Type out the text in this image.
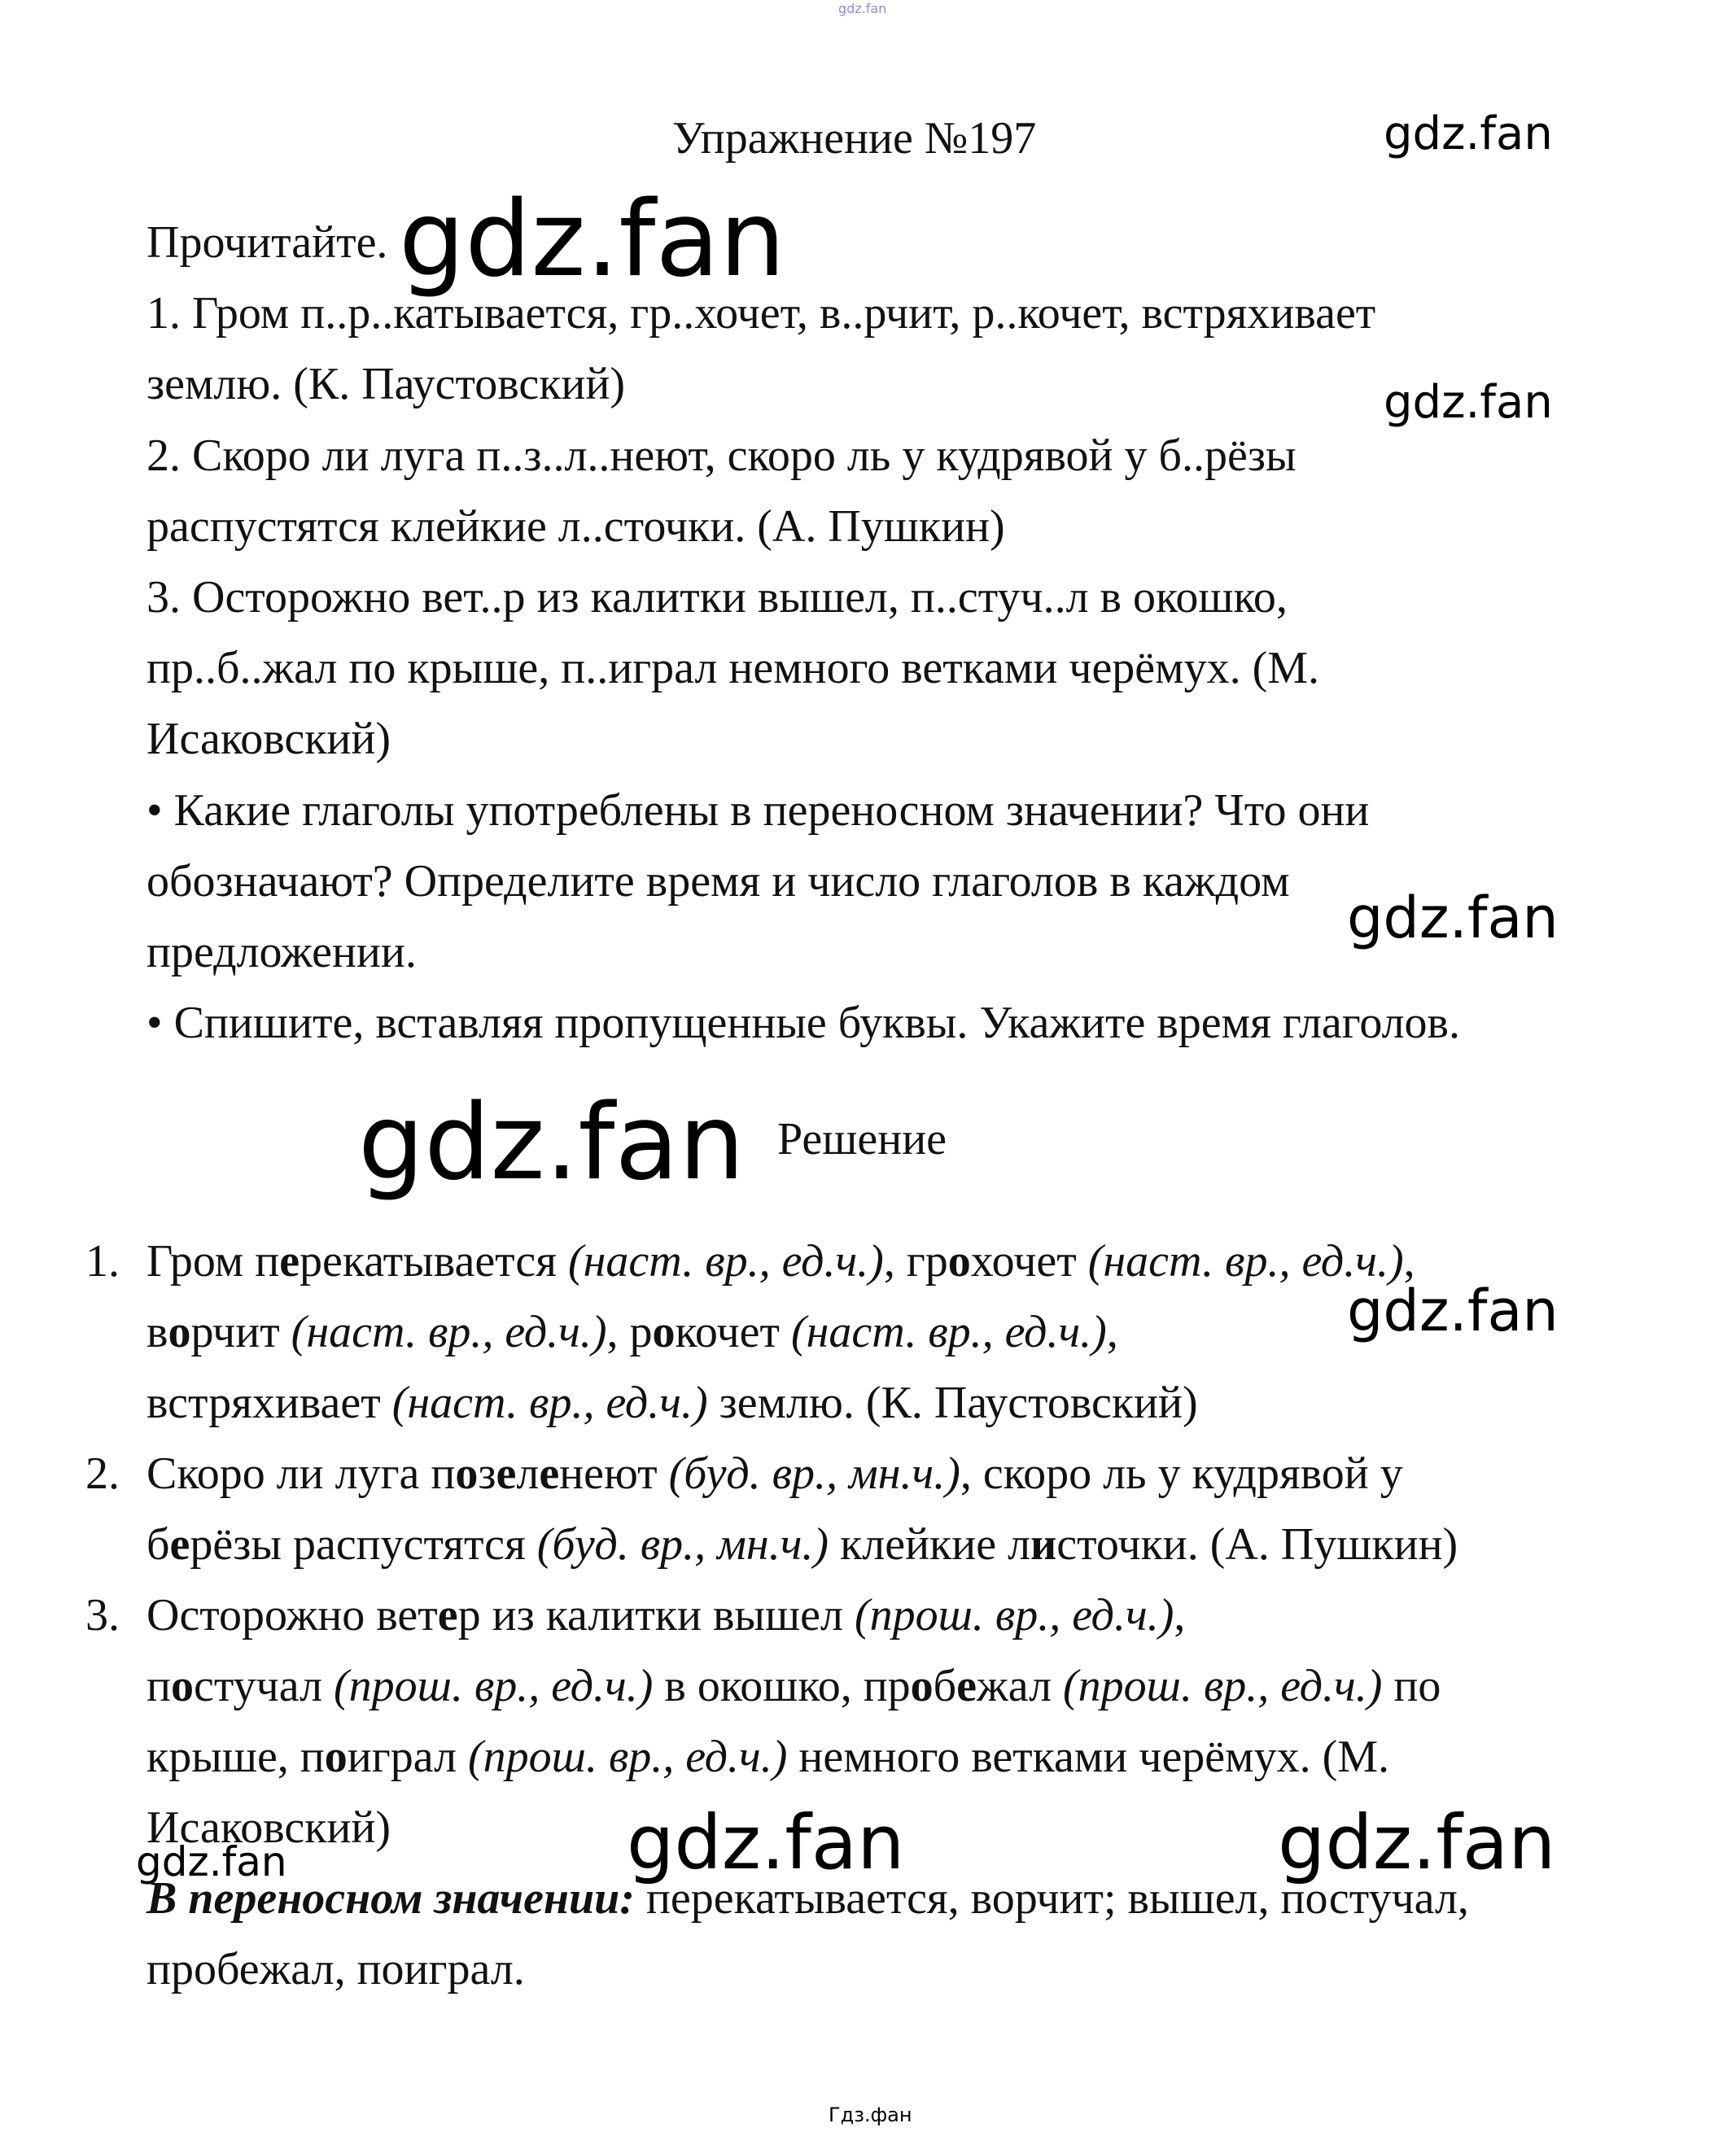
gdz.fan
gdz.fan
gdz.fan
gdz.fan
gdz.fan
gdz.fan
gdz.fan
gdz.fan	gdz.fan
gdz.fan
Гдз.фан
Упражнение №197
Прочитайте.
1. Гром п..р..катывается, гр..хочет, в..рчит, р..кочет, встряхивает
землю. (К. Паустовский)
2. Скоро ли луга п..з..л..неют, скоро ль у кудрявой у б..рёзы
распустятся клейкие л..сточки. (А. Пушкин)
3. Осторожно вет..р из калитки вышел, п..стуч..л в окошко,
пр..б..жал по крыше, п..играл немного ветками черёмух. (М.
Исаковский)
• Какие глаголы употреблены в переносном значении? Что они
обозначают? Определите время и число глаголов в каждом
предложении.
• Спишите, вставляя пропущенные буквы. Укажите время глаголов.
Решение
1.
2.
3.
Гром перекатывается (наст. вр., ед.ч.), грохочет (наст. вр., ед.ч.),
ворчит (наст. вр., ед.ч.), рокочет (наст. вр., ед.ч.),
встряхивает (наст. вр., ед.ч.) землю. (К. Паустовский)
Скоро ли луга позеленеют (буд. вр., мн.ч.), скоро ль у кудрявой у
берёзы распустятся (буд. вр., мн.ч.) клейкие листочки. (А. Пушкин)
Осторожно ветер из калитки вышел (прош. вр., ед.ч.),
постучал (прош. вр., ед.ч.) в окошко, пробежал (прош. вр., ед.ч.) по
крыше, поиграл (прош. вр., ед.ч.) немного ветками черёмух. (М.
Исаковский)
В переносном значении: перекатывается, ворчит; вышел, постучал,
пробежал, поиграл.
